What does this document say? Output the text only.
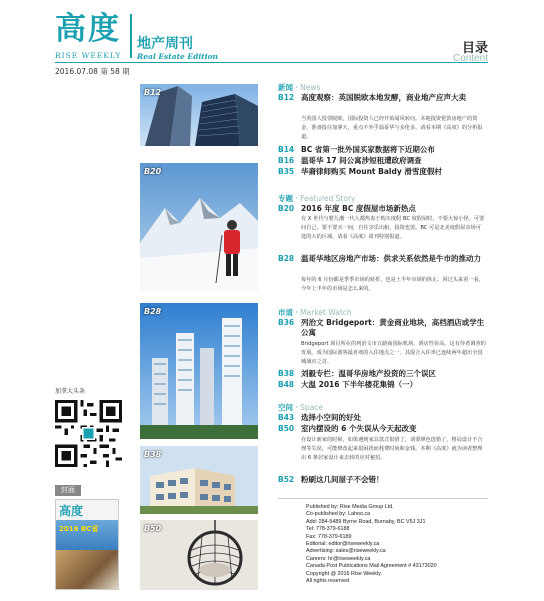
高度
RISE WEEKLY
2016.07.08 第 58 期
地产周刊
Real Estate Edition
目录
Content
加拿大头条
封面
高度
2016 BC省
B12
B20
B28
B38
B50
新闻 · News
B12 高度观察：英国脱欧本地发酵，商业地产应声大卖
当英国人投票脱欧，国际投资人已经开始闻风转向。本地投资伦敦房地产的资金，准备投往加拿大，重点不外乎温哥华与多伦多。请看本期《高度》的分析报道。
B14 BC 省第一批外国买家数据将下近期公布
B16 温哥华 17 间公寓涉短租遭政府调查
B35 华裔律师购买 Mount Baldy 滑雪度假村
专题 · Featured Story
B20 2016 年度 BC 度假屋市场新热点
有 X 世代与婴儿潮一代人都热衷于购买度假 BC 度假屋时，不要大惊小怪。可要问自己，要不要买一间，自住享乐出租，投资也罢。BC 可是北美度假屋市场可选的大的区域，请看《高度》周刊特别报道。
B28 温哥华地区房地产市场：供求关系依然是牛市的推动力
每年的 6 月份都是季季市场的转折，也是上半年市场的休止。回过头来看一看，今年上半年的市场是怎么来的。
市道 · Market Watch
B36 列治文 Bridgeport：黄金商业地块，高档酒店或学生公寓
Bridgeport 项目所在的列治文市五路商国际机场，酒店性价高。这有待者调查的发展。成为国际游客最喜欢的入住地点之一。其混合入住率已连续两年超出全国城域市之首。
B38 刘毅专栏：温哥华房地产投资的三个误区
B48 大温 2016 下半年楼花集锦（一）
空间 · Space
B43 选择小空间的好处
B50 室内摆设的 6 个失误从今天起改变
在设计新家的时候，如果遇到家具款式很错了，请要颜色选错了，格局设计不合理等失误，可能修改起来很困扰而耗费时间和金钱。本期《高度》就为读者整理出 6 条居家设计来去转的应对秘招。
B52 粉刷这几间屋子不会错！
Published by: Rise Media Group Ltd.
Co-published by: Lahoo.ca
Add: 284-5489 Byrne Road, Burnaby, BC V5J 3J1
Tel: 778-379-6188
Fax: 778-379-6189
Editorial: editor@riseweekly.ca
Advertising: sales@riseweekly.ca
Careers: hr@riseweekly.ca
Canada Post Publications Mail Agreement # 43173020
Copyright @ 2016 Rise Weekly
All rights reserved
